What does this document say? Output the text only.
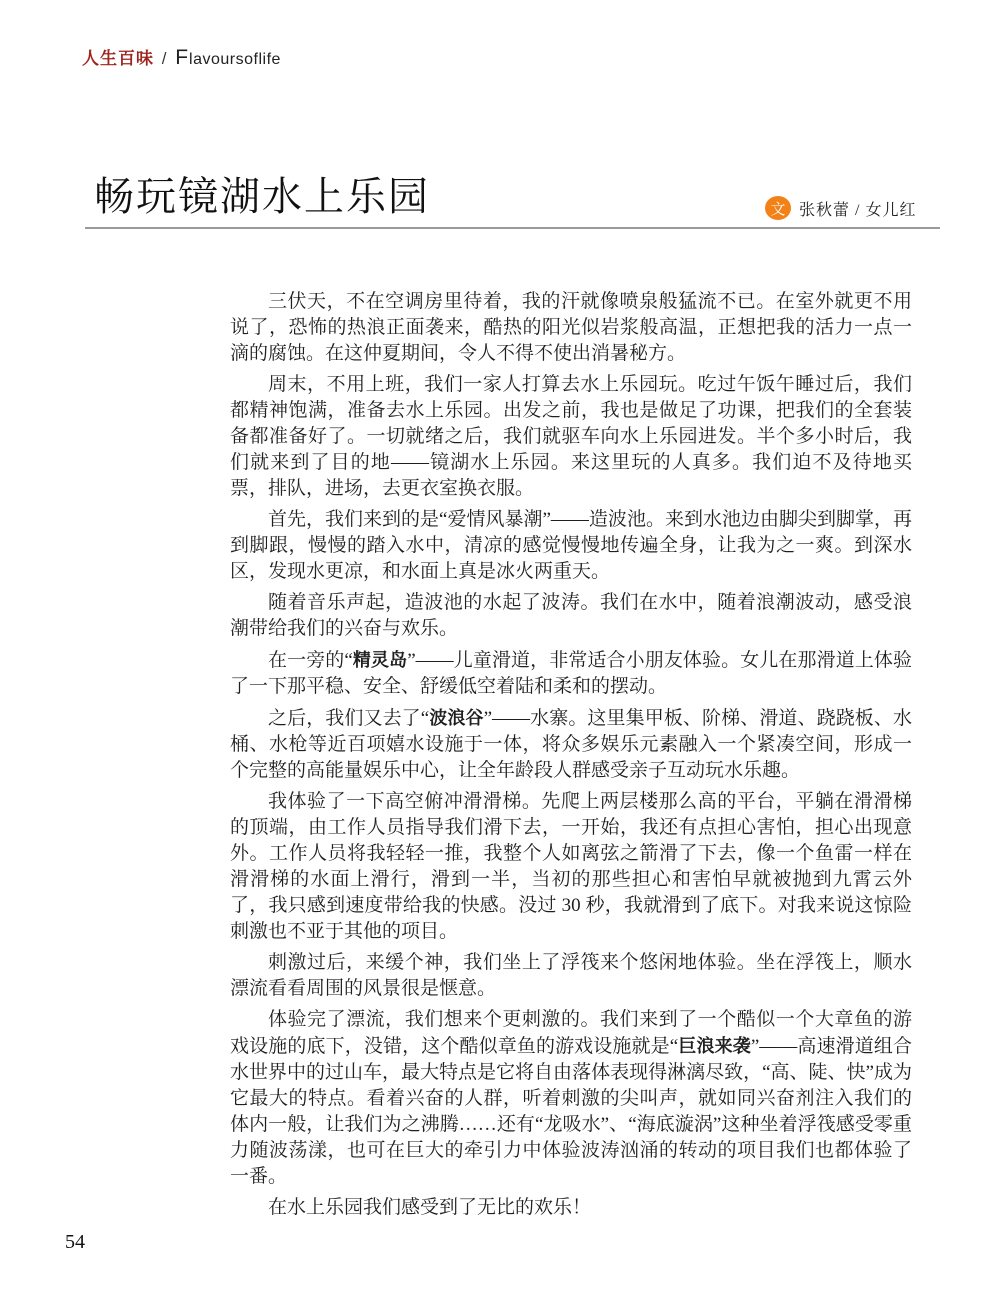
人生百味 / Flavoursoflife
畅玩镜湖水上乐园	文 张秋蕾 / 女儿红

三伏天，不在空调房里待着，我的汗就像喷泉般猛流不已。在室外就更不用说了，恐怖的热浪正面袭来，酷热的阳光似岩浆般高温，正想把我的活力一点一滴的腐蚀。在这仲夏期间，令人不得不使出消暑秘方。

周末，不用上班，我们一家人打算去水上乐园玩。吃过午饭午睡过后，我们都精神饱满，准备去水上乐园。出发之前，我也是做足了功课，把我们的全套装备都准备好了。一切就绪之后，我们就驱车向水上乐园进发。半个多小时后，我们就来到了目的地——镜湖水上乐园。来这里玩的人真多。我们迫不及待地买票，排队，进场，去更衣室换衣服。

首先，我们来到的是“爱情风暴潮”——造波池。来到水池边由脚尖到脚掌，再到脚跟，慢慢的踏入水中，清凉的感觉慢慢地传遍全身，让我为之一爽。到深水区，发现水更凉，和水面上真是冰火两重天。

随着音乐声起，造波池的水起了波涛。我们在水中，随着浪潮波动，感受浪潮带给我们的兴奋与欢乐。

在一旁的“精灵岛”——儿童滑道，非常适合小朋友体验。女儿在那滑道上体验了一下那平稳、安全、舒缓低空着陆和柔和的摆动。

之后，我们又去了“波浪谷”——水寨。这里集甲板、阶梯、滑道、跷跷板、水桶、水枪等近百项嬉水设施于一体，将众多娱乐元素融入一个紧凑空间，形成一个完整的高能量娱乐中心，让全年龄段人群感受亲子互动玩水乐趣。

我体验了一下高空俯冲滑滑梯。先爬上两层楼那么高的平台，平躺在滑滑梯的顶端，由工作人员指导我们滑下去，一开始，我还有点担心害怕，担心出现意外。工作人员将我轻轻一推，我整个人如离弦之箭滑了下去，像一个鱼雷一样在滑滑梯的水面上滑行，滑到一半，当初的那些担心和害怕早就被抛到九霄云外了，我只感到速度带给我的快感。没过 30 秒，我就滑到了底下。对我来说这惊险刺激也不亚于其他的项目。

刺激过后，来缓个神，我们坐上了浮筏来个悠闲地体验。坐在浮筏上，顺水漂流看看周围的风景很是惬意。

体验完了漂流，我们想来个更刺激的。我们来到了一个酷似一个大章鱼的游戏设施的底下，没错，这个酷似章鱼的游戏设施就是“巨浪来袭”——高速滑道组合水世界中的过山车，最大特点是它将自由落体表现得淋漓尽致，“高、陡、快”成为它最大的特点。看着兴奋的人群，听着刺激的尖叫声，就如同兴奋剂注入我们的体内一般，让我们为之沸腾……还有“龙吸水”、“海底漩涡”这种坐着浮筏感受零重力随波荡漾，也可在巨大的牵引力中体验波涛汹涌的转动的项目我们也都体验了一番。

在水上乐园我们感受到了无比的欢乐！

54
